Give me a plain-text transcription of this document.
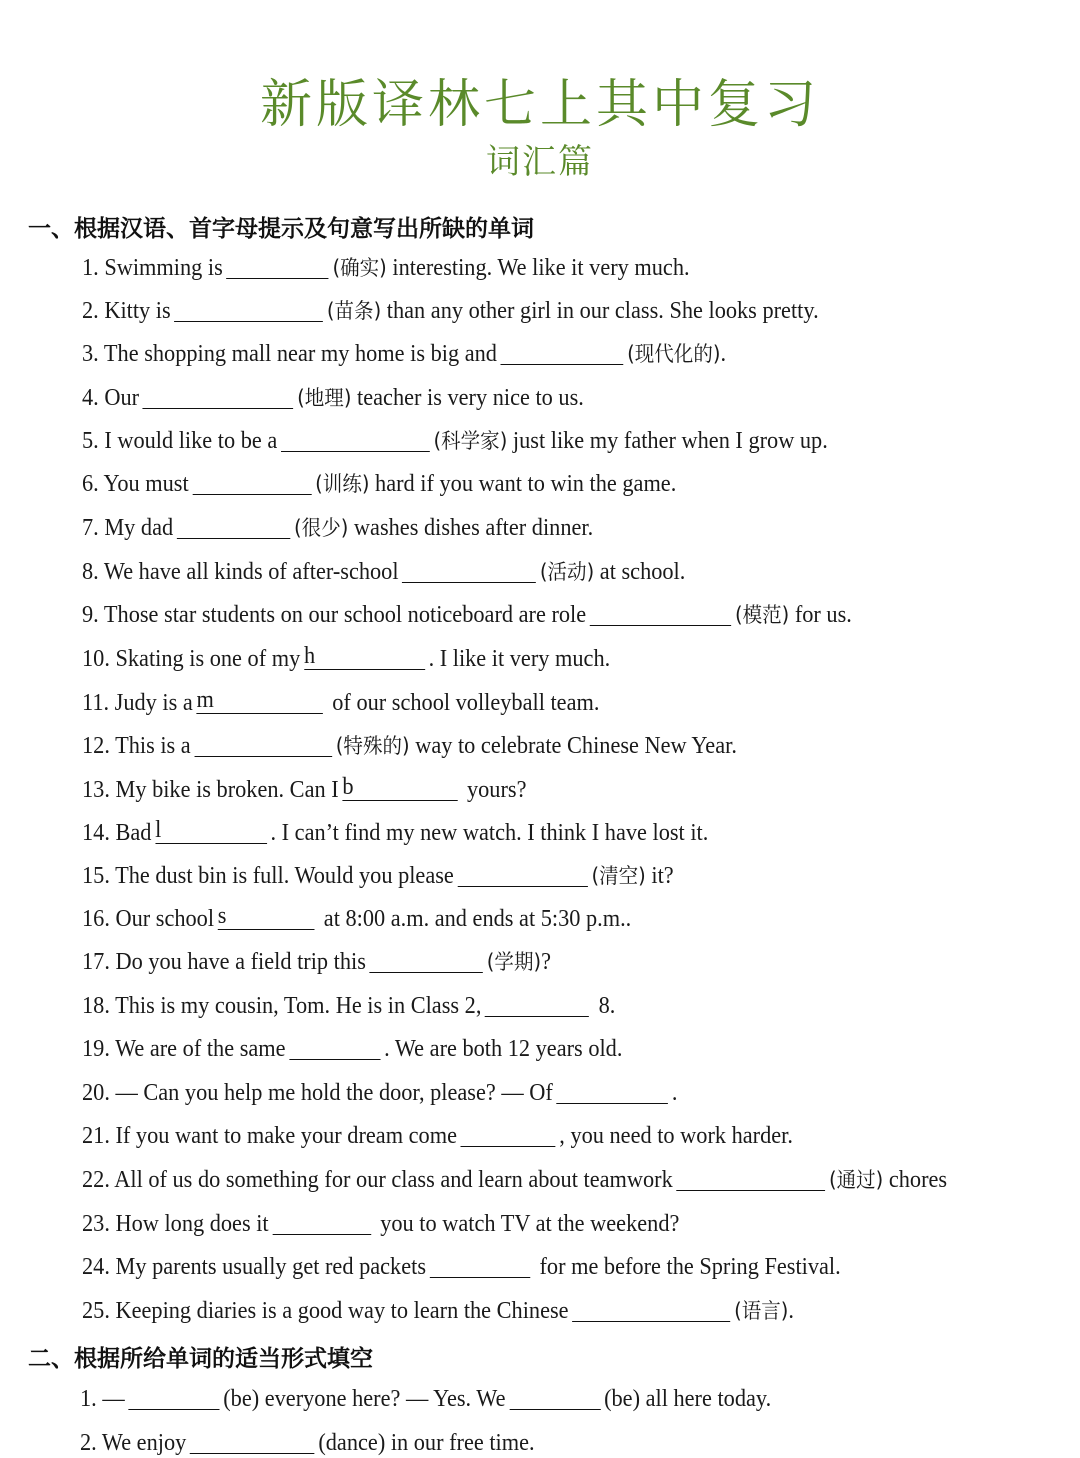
新版译林七上其中复习
词汇篇
一、根据汉语、首字母提示及句意写出所缺的单词
1. Swimming is	(确实) interesting. We like it very much.
2. Kitty is	(苗条) than any other girl in our class. She looks pretty.
3. The shopping mall near my home is big and	(现代化的).
4. Our	(地理) teacher is very nice to us.
5. I would like to be a	(科学家) just like my father when I grow up.
6. You must	(训练) hard if you want to win the game.
7. My dad	(很少) washes dishes after dinner.
8. We have all kinds of after-school	(活动) at school.
9. Those star students on our school noticeboard are role	(模范) for us.
10. Skating is one of my h	. I like it very much.
11. Judy is a m	of our school volleyball team.
12. This is a	(特殊的) way to celebrate Chinese New Year.
13. My bike is broken. Can I b	yours?
14. Bad l	. I can’t find my new watch. I think I have lost it.
15. The dust bin is full. Would you please	(清空) it?
16. Our school s	at 8:00 a.m. and ends at 5:30 p.m..
17. Do you have a field trip this	(学期)?
18. This is my cousin, Tom. He is in Class 2,	8.
19. We are of the same	. We are both 12 years old.
20. — Can you help me hold the door, please? — Of	.
21. If you want to make your dream come	, you need to work harder.
22. All of us do something for our class and learn about teamwork	(通过) chores
23. How long does it	you to watch TV at the weekend?
24. My parents usually get red packets	for me before the Spring Festival.
25. Keeping diaries is a good way to learn the Chinese	(语言).
二、根据所给单词的适当形式填空
1. —	(be) everyone here? — Yes. We	(be) all here today.
2. We enjoy	(dance) in our free time.
